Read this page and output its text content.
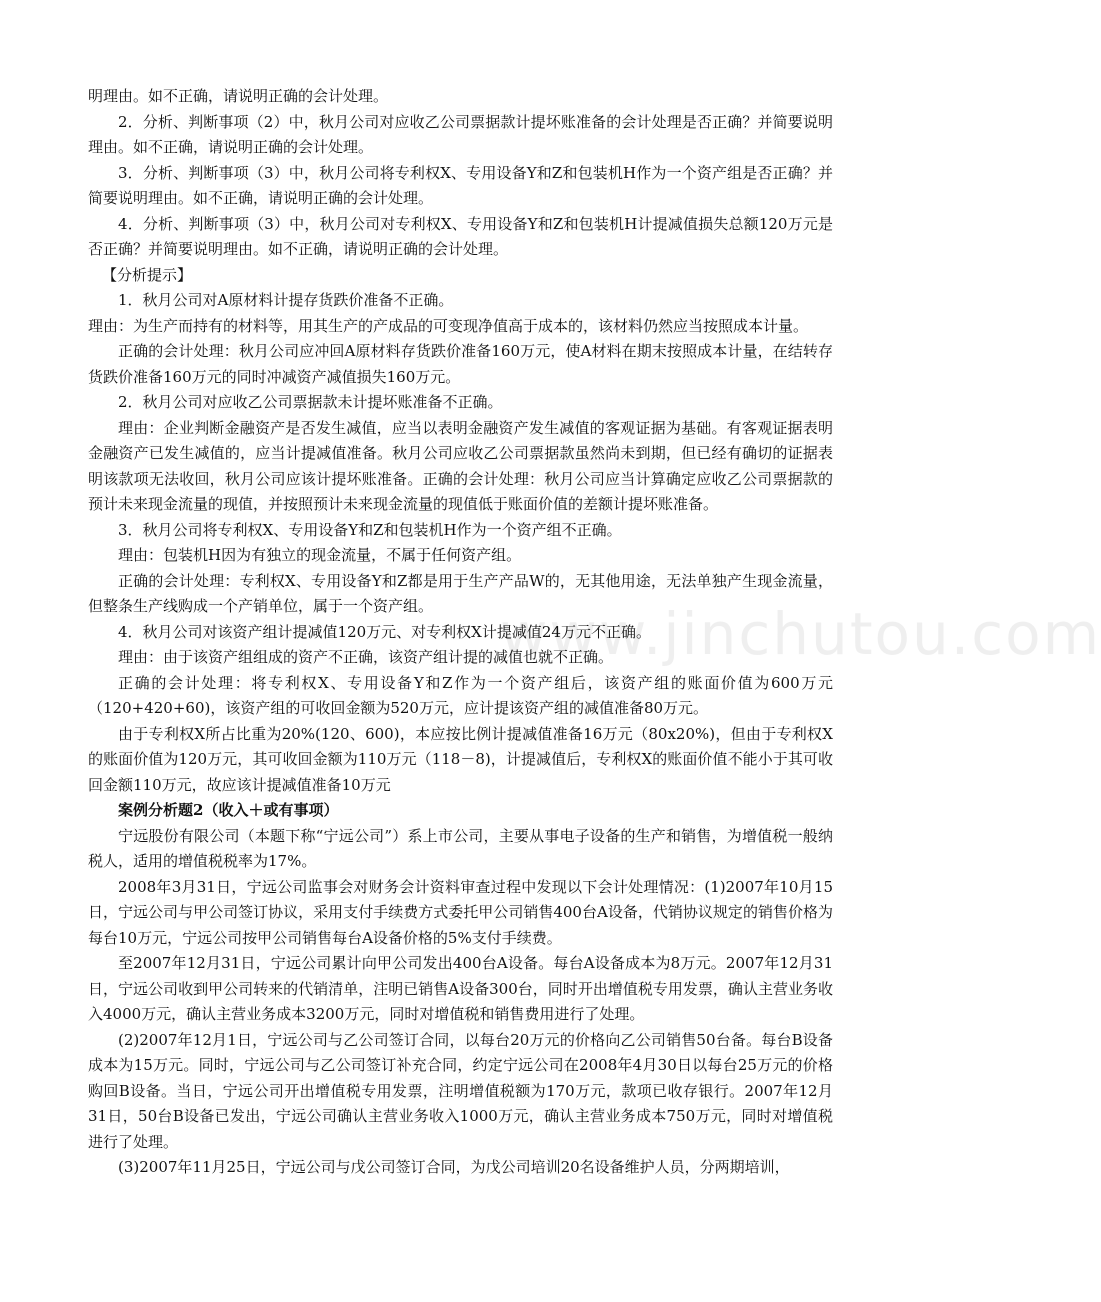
www.jinchutou.com

明理由。如不正确，请说明正确的会计处理。

2．分析、判断事项（2）中，秋月公司对应收乙公司票据款计提坏账准备的会计处理是否正确？并简要说明理由。如不正确，请说明正确的会计处理。

3．分析、判断事项（3）中，秋月公司将专利权X、专用设备Y和Z和包装机H作为一个资产组是否正确？并简要说明理由。如不正确，请说明正确的会计处理。

4．分析、判断事项（3）中，秋月公司对专利权X、专用设备Y和Z和包装机H计提减值损失总额120万元是否正确？并简要说明理由。如不正确，请说明正确的会计处理。

【分析提示】

1．秋月公司对A原材料计提存货跌价准备不正确。

理由：为生产而持有的材料等，用其生产的产成品的可变现净值高于成本的，该材料仍然应当按照成本计量。

正确的会计处理：秋月公司应冲回A原材料存货跌价准备160万元，使A材料在期末按照成本计量，在结转存货跌价准备160万元的同时冲减资产减值损失160万元。

2．秋月公司对应收乙公司票据款未计提坏账准备不正确。

理由：企业判断金融资产是否发生减值，应当以表明金融资产发生减值的客观证据为基础。有客观证据表明金融资产已发生减值的，应当计提减值准备。秋月公司应收乙公司票据款虽然尚未到期，但已经有确切的证据表明该款项无法收回，秋月公司应该计提坏账准备。正确的会计处理：秋月公司应当计算确定应收乙公司票据款的预计未来现金流量的现值，并按照预计未来现金流量的现值低于账面价值的差额计提坏账准备。

3．秋月公司将专利权X、专用设备Y和Z和包装机H作为一个资产组不正确。

理由：包装机H因为有独立的现金流量，不属于任何资产组。

正确的会计处理：专利权X、专用设备Y和Z都是用于生产产品W的，无其他用途，无法单独产生现金流量，但整条生产线购成一个产销单位，属于一个资产组。

4．秋月公司对该资产组计提减值120万元、对专利权X计提减值24万元不正确。

理由：由于该资产组组成的资产不正确，该资产组计提的减值也就不正确。

正确的会计处理：将专利权X、专用设备Y和Z作为一个资产组后，该资产组的账面价值为600万元（120+420+60)，该资产组的可收回金额为520万元，应计提该资产组的减值准备80万元。

由于专利权X所占比重为20%(120、600)，本应按比例计提减值准备16万元（80x20%)，但由于专利权X的账面价值为120万元，其可收回金额为110万元（118－8)，计提减值后，专利权X的账面价值不能小于其可收回金额110万元，故应该计提减值准备10万元

案例分析题2（收入＋或有事项）

宁远股份有限公司（本题下称“宁远公司”）系上市公司，主要从事电子设备的生产和销售，为增值税一般纳税人，适用的增值税税率为17%。

2008年3月31日，宁远公司监事会对财务会计资料审查过程中发现以下会计处理情况：(1)2007年10月15日，宁远公司与甲公司签订协议，采用支付手续费方式委托甲公司销售400台A设备，代销协议规定的销售价格为每台10万元，宁远公司按甲公司销售每台A设备价格的5%支付手续费。

至2007年12月31日，宁远公司累计向甲公司发出400台A设备。每台A设备成本为8万元。2007年12月31日，宁远公司收到甲公司转来的代销清单，注明已销售A设备300台，同时开出增值税专用发票，确认主营业务收入4000万元，确认主营业务成本3200万元，同时对增值税和销售费用进行了处理。

(2)2007年12月1日，宁远公司与乙公司签订合同，以每台20万元的价格向乙公司销售50台备。每台B设备成本为15万元。同时，宁远公司与乙公司签订补充合同，约定宁远公司在2008年4月30日以每台25万元的价格购回B设备。当日，宁远公司开出增值税专用发票，注明增值税额为170万元，款项已收存银行。2007年12月31日，50台B设备已发出，宁远公司确认主营业务收入1000万元，确认主营业务成本750万元，同时对增值税进行了处理。

(3)2007年11月25日，宁远公司与戊公司签订合同，为戊公司培训20名设备维护人员，分两期培训，
